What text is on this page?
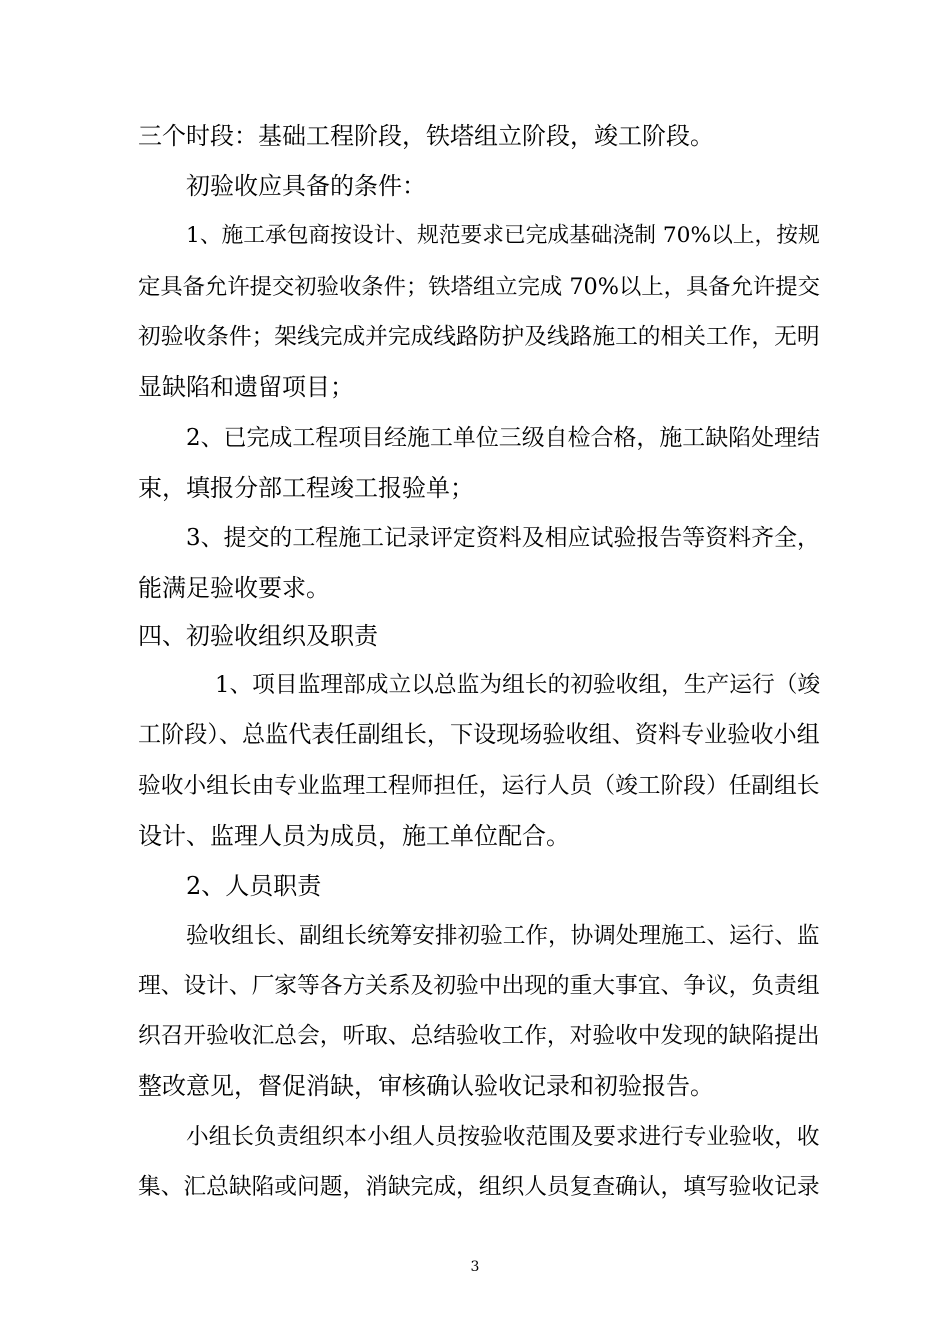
三个时段：基础工程阶段，铁塔组立阶段，竣工阶段。
初验收应具备的条件：
1、施工承包商按设计、规范要求已完成基础浇制 70%以上，按规
定具备允许提交初验收条件；铁塔组立完成 70%以上，具备允许提交
初验收条件；架线完成并完成线路防护及线路施工的相关工作，无明
显缺陷和遗留项目；
2、已完成工程项目经施工单位三级自检合格，施工缺陷处理结
束，填报分部工程竣工报验单；
3、提交的工程施工记录评定资料及相应试验报告等资料齐全，
能满足验收要求。
四、初验收组织及职责
1、项目监理部成立以总监为组长的初验收组，生产运行（竣
工阶段）、总监代表任副组长，下设现场验收组、资料专业验收小组
验收小组长由专业监理工程师担任，运行人员（竣工阶段）任副组长
设计、监理人员为成员，施工单位配合。
2、人员职责
验收组长、副组长统筹安排初验工作，协调处理施工、运行、监
理、设计、厂家等各方关系及初验中出现的重大事宜、争议，负责组
织召开验收汇总会，听取、总结验收工作，对验收中发现的缺陷提出
整改意见，督促消缺，审核确认验收记录和初验报告。
小组长负责组织本小组人员按验收范围及要求进行专业验收，收
集、汇总缺陷或问题，消缺完成，组织人员复查确认，填写验收记录
3
